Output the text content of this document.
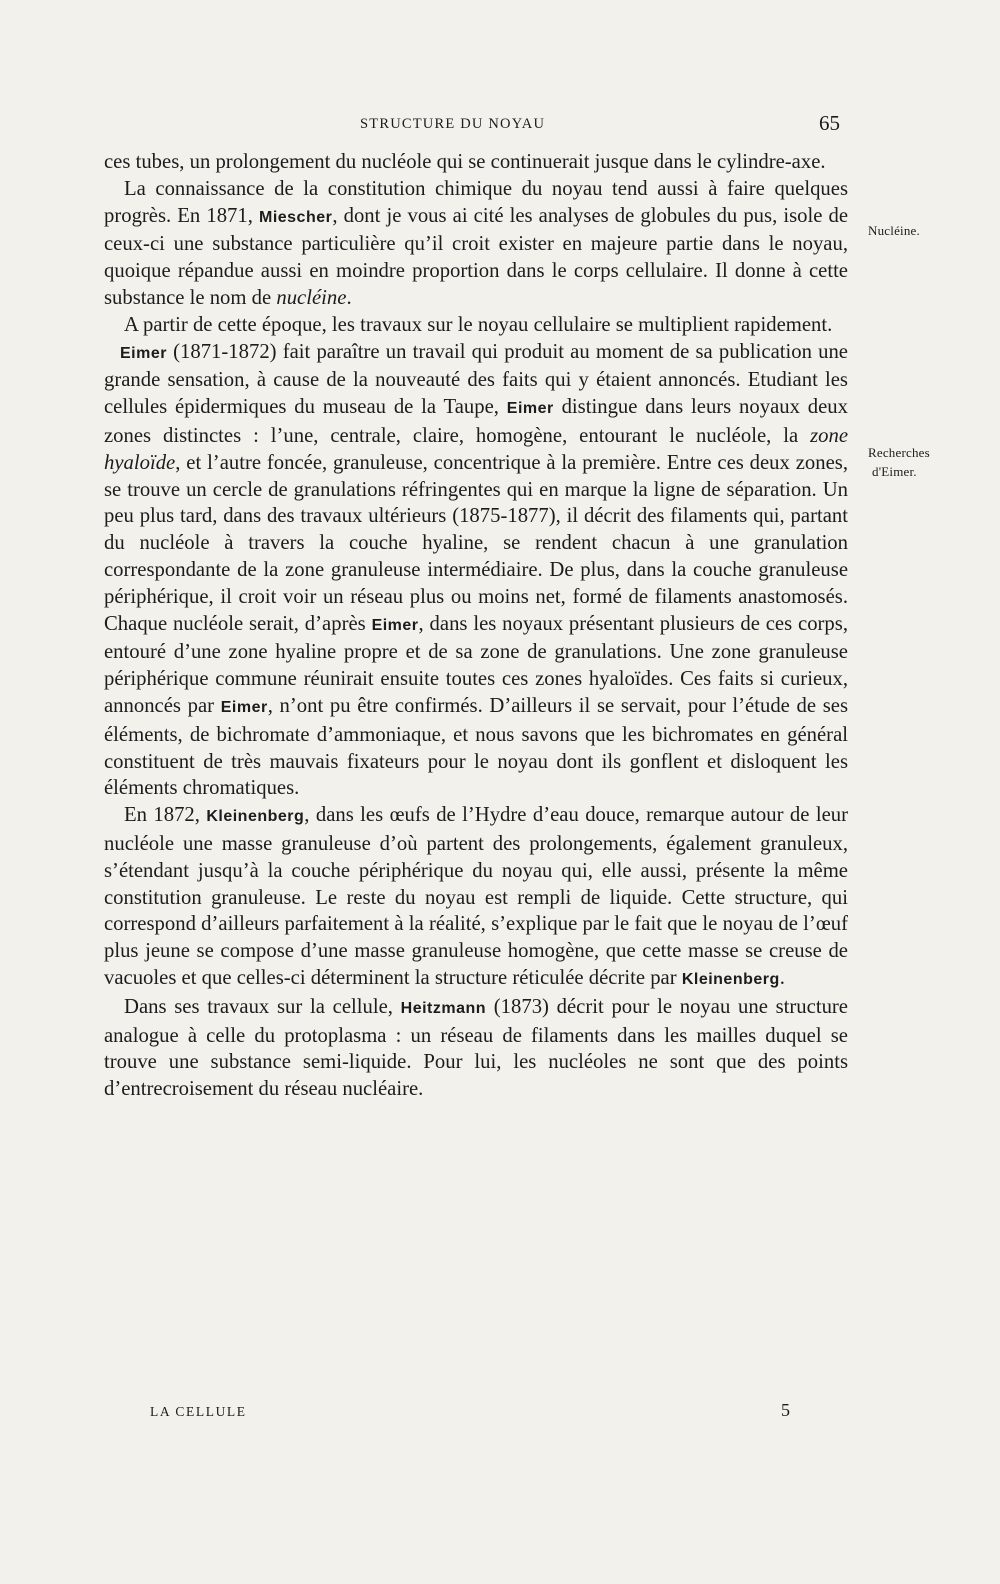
STRUCTURE DU NOYAU	65
Nucléine.
Recherches
d'Eimer.

ces tubes, un prolongement du nucléole qui se continuerait jusque dans le cylindre-axe.

La connaissance de la constitution chimique du noyau tend aussi à faire quelques progrès. En 1871, Miescher, dont je vous ai cité les analyses de globules du pus, isole de ceux-ci une substance particulière qu’il croit exister en majeure partie dans le noyau, quoique répandue aussi en moindre proportion dans le corps cellulaire. Il donne à cette substance le nom de nucléine.

A partir de cette époque, les travaux sur le noyau cellulaire se multiplient rapidement.

Eimer (1871-1872) fait paraître un travail qui produit au moment de sa publication une grande sensation, à cause de la nouveauté des faits qui y étaient annoncés. Etudiant les cellules épidermiques du museau de la Taupe, Eimer distingue dans leurs noyaux deux zones distinctes : l’une, centrale, claire, homogène, entourant le nucléole, la zone hyaloïde, et l’autre foncée, granuleuse, concentrique à la première. Entre ces deux zones, se trouve un cercle de granulations réfringentes qui en marque la ligne de séparation. Un peu plus tard, dans des travaux ultérieurs (1875-1877), il décrit des filaments qui, partant du nucléole à travers la couche hyaline, se rendent chacun à une granulation correspondante de la zone granuleuse intermédiaire. De plus, dans la couche granuleuse périphérique, il croit voir un réseau plus ou moins net, formé de filaments anastomosés. Chaque nucléole serait, d’après Eimer, dans les noyaux présentant plusieurs de ces corps, entouré d’une zone hyaline propre et de sa zone de granulations. Une zone granuleuse périphérique commune réunirait ensuite toutes ces zones hyaloïdes. Ces faits si curieux, annoncés par Eimer, n’ont pu être confirmés. D’ailleurs il se servait, pour l’étude de ses éléments, de bichromate d’ammoniaque, et nous savons que les bichromates en général constituent de très mauvais fixateurs pour le noyau dont ils gonflent et disloquent les éléments chromatiques.

En 1872, Kleinenberg, dans les œufs de l’Hydre d’eau douce, remarque autour de leur nucléole une masse granuleuse d’où partent des prolongements, également granuleux, s’étendant jusqu’à la couche périphérique du noyau qui, elle aussi, présente la même constitution granuleuse. Le reste du noyau est rempli de liquide. Cette structure, qui correspond d’ailleurs parfaitement à la réalité, s’explique par le fait que le noyau de l’œuf plus jeune se compose d’une masse granuleuse homogène, que cette masse se creuse de vacuoles et que celles-ci déterminent la structure réticulée décrite par Kleinenberg.

Dans ses travaux sur la cellule, Heitzmann (1873) décrit pour le noyau une structure analogue à celle du protoplasma : un réseau de filaments dans les mailles duquel se trouve une substance semi-liquide. Pour lui, les nucléoles ne sont que des points d’entrecroisement du réseau nucléaire.

LA CELLULE	5
